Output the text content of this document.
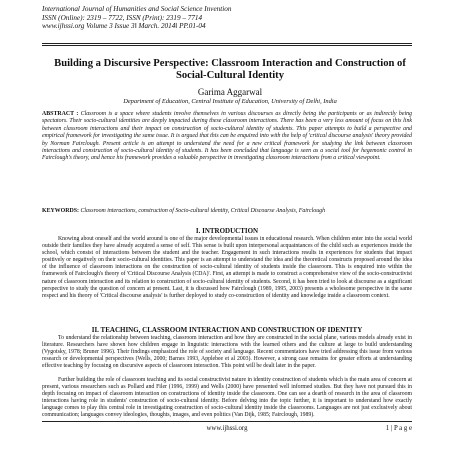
International Journal of Humanities and Social Science Invention
ISSN (Online): 2319 – 7722, ISSN (Print): 2319 – 7714
www.ijhssi.org Volume 3 Issue 3ǁ March. 2014ǁ PP.01-04
Building a Discursive Perspective: Classroom Interaction and Construction of Social-Cultural Identity
Garima Aggarwal
Department of Education, Central Institute of Education, University of Delhi, India
ABSTRACT : Classroom is a space where students involve themselves in various discourses as directly being the participants or as indirectly being spectators. Their socio-cultural identities are deeply impacted during these classroom interactions. There has been a very less amount of focus on this link between classroom interactions and their impact on construction of socio-cultural identity of students. This paper attempts to build a perspective and empirical framework for investigating the same issue. It is argued that this can be enquired into with the help of 'critical discourse analysis' theory provided by Norman Fairclough. Present article is an attempt to understand the need for a new critical framework for studying the link between classroom interactions and construction of socio-cultural identity of students. It has been concluded that language is seen as a social tool for hegemonic control in Fairclough's theory, and hence his framework provides a valuable perspective in investigating classroom interactions from a critical viewpoint.
KEYWORDS: Classroom interactions, construction of Socio-cultural identity, Critical Discourse Analysis, Fairclough
I. INTRODUCTION
Knowing about oneself and the world around is one of the major developmental issues in educational research. When children enter into the social world outside their families they have already acquired a sense of self. This sense is built upon interpersonal acquaintances of the child such as experiences inside the school, which consist of interactions between the student and the teacher. Engagement in such interactions results in experiences for students that impact positively or negatively on their socio-cultural identities. This paper is an attempt to understand the idea and the theoretical constructs proposed around the idea of the influence of classroom interactions on the construction of socio-cultural identity of students inside the classroom. This is enquired into within the framework of Fairclough's theory of 'Critical Discourse Analysis (CDA)'. First, an attempt is made to construct a comprehensive view of the socio-constructivist nature of classroom interaction and its relation to construction of socio-cultural identity of students. Second, it has been tried to look at discourse as a significant perspective to study the question of concern at present. Last, it is discussed how Fairclough (1989, 1995, 2003) presents a wholesome perspective in the same respect and his theory of 'Critical discourse analysis' is further deployed to study co-construction of identity and knowledge inside a classroom context.
II. TEACHING, CLASSROOM INTERACTION AND CONSTRUCTION OF IDENTITY
To understand the relationship between teaching, classroom interaction and how they are constructed in the social plane, various models already exist in literature. Researchers have shown how children engage in linguistic interactions with the learned others and the culture at large to build understanding (Vygotsky, 1978; Bruner 1996). Their findings emphasized the role of society and language. Recent commentators have tried addressing this issue from various research or developmental perspectives (Wells, 2000; Barnes 1993, Applebee et al 2003). However, a strong case remains for greater efforts at understanding effective teaching by focusing on discursive aspects of classroom interaction. This point will be dealt later in the paper.
Further building the role of classroom teaching and its social constructivist nature in identity construction of students which is the main area of concern at present, various researchers such as Pollard and Filer (1996, 1999) and Wells (2000) have presented well informed studies. But they have not pursued this in depth focusing on impact of classroom interaction on constructions of identity inside the classroom. One can see a dearth of research in the area of classroom interactions having role in students' construction of socio-cultural identity. Before delving into the topic further, it is important to understand how exactly language comes to play this central role in investigating construction of socio-cultural identity inside the classrooms. Languages are not just exclusively about communication; languages convey ideologies, thoughts, images, and even politics (Van Dijk, 1985; Fairclough, 1989).
www.ijhssi.org	1 | P a g e
